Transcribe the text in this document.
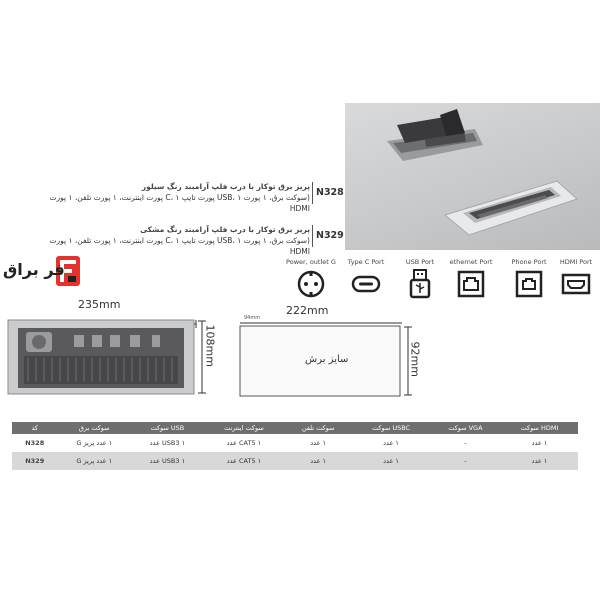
پریز برق توکار با درب فلپ آرامبند رنگ سیلور
(سوکت برق، ۱ پورت USB، ۱ پورت تایپ C، ۱ پورت اینترنت، ۱ پورت تلفن، ۱ پورت HDMI
N328
پریز برق توکار با درب فلپ آرامبند رنگ مشکی
(سوکت برق، ۱ پورت USB، ۱ پورت تایپ C، ۱ پورت اینترنت، ۱ پورت تلفن، ۱ پورت HDMI
N329
فر براق	Power, outlet G	Type C Port	USB Port	ethernet Port	Phone Port	HDMI Port
235mm
108mm
222mm
94mm
سایز برش	92mm
کد	سوکت برق	سوکت USB	سوکت اینترنت	سوکت تلفن	سوکت USBC	سوکت VGA	سوکت HDMI
N328	۱ عدد پریز G	USB3 ۱ عدد	CAT5 ۱ عدد	۱ عدد	۱ عدد	-	۱ عدد
N329	۱ عدد پریز G	USB3 ۱ عدد	CAT5 ۱ عدد	۱ عدد	۱ عدد	-	۱ عدد
